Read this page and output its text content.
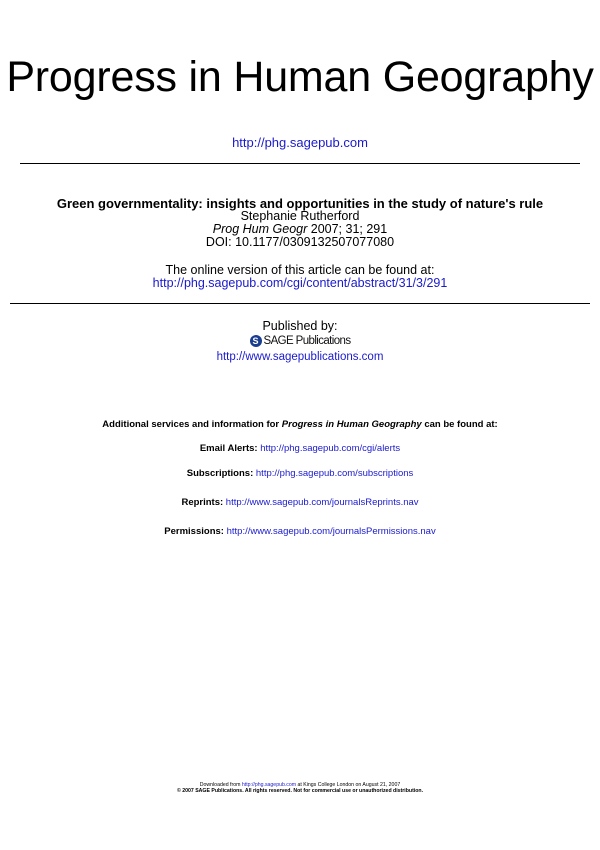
Progress in Human Geography
http://phg.sagepub.com
Green governmentality: insights and opportunities in the study of nature's rule
Stephanie Rutherford
Prog Hum Geogr 2007; 31; 291
DOI: 10.1177/0309132507077080
The online version of this article can be found at:
http://phg.sagepub.com/cgi/content/abstract/31/3/291
Published by:
S SAGE Publications
http://www.sagepublications.com
Additional services and information for Progress in Human Geography can be found at:
Email Alerts: http://phg.sagepub.com/cgi/alerts
Subscriptions: http://phg.sagepub.com/subscriptions
Reprints: http://www.sagepub.com/journalsReprints.nav
Permissions: http://www.sagepub.com/journalsPermissions.nav
Downloaded from http://phg.sagepub.com at Kings College London on August 21, 2007
© 2007 SAGE Publications. All rights reserved. Not for commercial use or unauthorized distribution.
